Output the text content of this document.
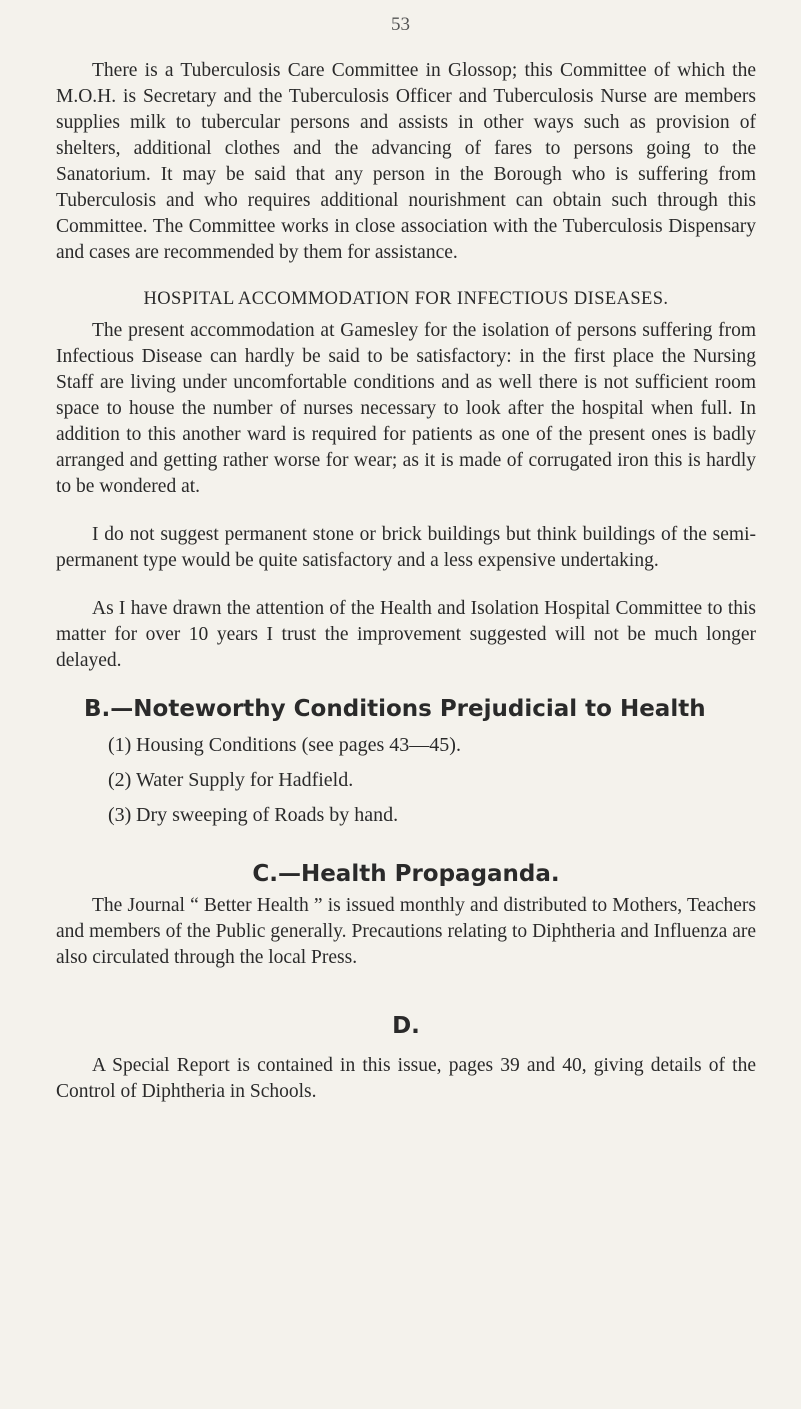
53

There is a Tuberculosis Care Committee in Glossop; this Committee of which the M.O.H. is Secretary and the Tuberculosis Officer and Tuberculosis Nurse are members supplies milk to tubercular persons and assists in other ways such as provision of shelters, additional clothes and the advancing of fares to persons going to the Sanatorium. It may be said that any person in the Borough who is suffering from Tuberculosis and who requires additional nourishment can obtain such through this Committee. The Committee works in close association with the Tuberculosis Dispensary and cases are recommended by them for assistance.

HOSPITAL ACCOMMODATION FOR INFECTIOUS DISEASES.

The present accommodation at Gamesley for the isolation of persons suffering from Infectious Disease can hardly be said to be satisfactory: in the first place the Nursing Staff are living under uncomfortable conditions and as well there is not sufficient room space to house the number of nurses necessary to look after the hospital when full. In addition to this another ward is required for patients as one of the present ones is badly arranged and getting rather worse for wear; as it is made of corrugated iron this is hardly to be wondered at.

I do not suggest permanent stone or brick buildings but think buildings of the semi-permanent type would be quite satisfactory and a less expensive undertaking.

As I have drawn the attention of the Health and Isolation Hospital Committee to this matter for over 10 years I trust the improvement suggested will not be much longer delayed.

B.—Noteworthy Conditions Prejudicial to Health
(1) Housing Conditions (see pages 43—45).
(2) Water Supply for Hadfield.
(3) Dry sweeping of Roads by hand.
C.—Health Propaganda.

The Journal “ Better Health ” is issued monthly and distributed to Mothers, Teachers and members of the Public generally. Precautions relating to Diphtheria and Influenza are also circulated through the local Press.

D.

A Special Report is contained in this issue, pages 39 and 40, giving details of the Control of Diphtheria in Schools.
